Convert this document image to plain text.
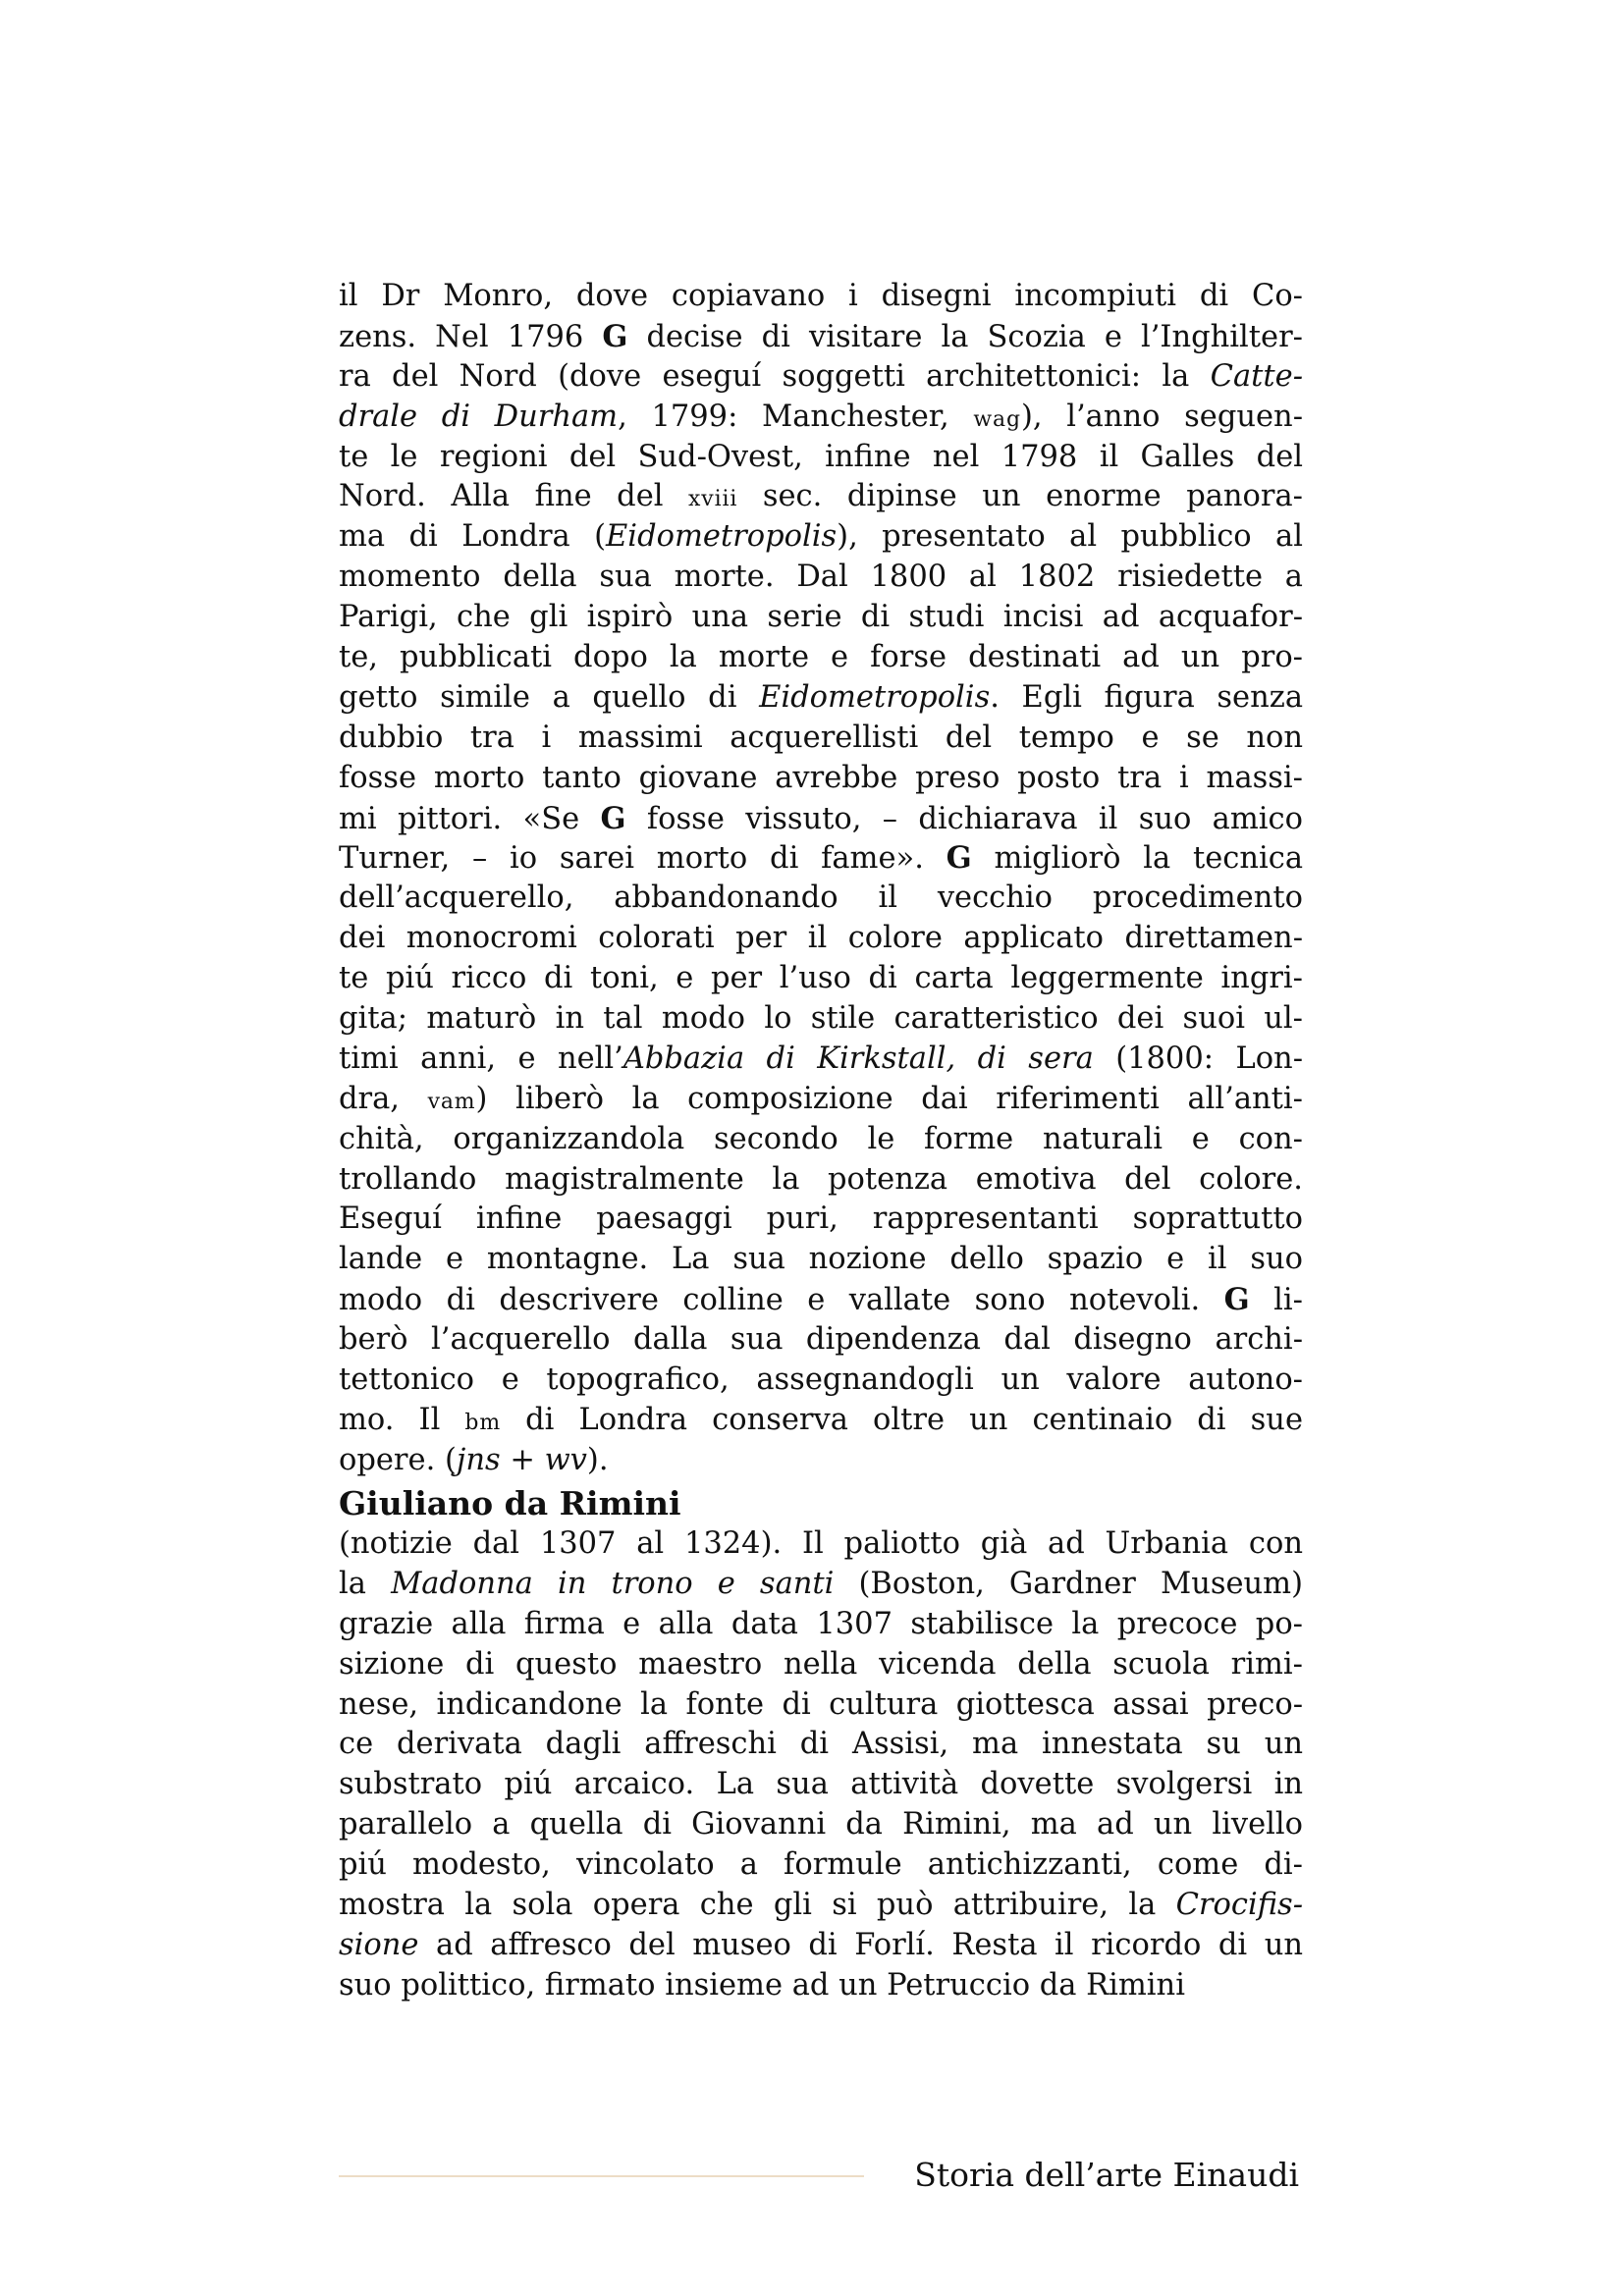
il Dr Monro, dove copiavano i disegni incompiuti di Co-
zens. Nel 1796 G decise di visitare la Scozia e l’Inghilter-
ra del Nord (dove eseguí soggetti architettonici: la Catte-
drale di Durham, 1799: Manchester, wag), l’anno seguen-
te le regioni del Sud-Ovest, infine nel 1798 il Galles del
Nord. Alla fine del xviii sec. dipinse un enorme panora-
ma di Londra (Eidometropolis), presentato al pubblico al
momento della sua morte. Dal 1800 al 1802 risiedette a
Parigi, che gli ispirò una serie di studi incisi ad acquafor-
te, pubblicati dopo la morte e forse destinati ad un pro-
getto simile a quello di Eidometropolis. Egli figura senza
dubbio tra i massimi acquerellisti del tempo e se non
fosse morto tanto giovane avrebbe preso posto tra i massi-
mi pittori. «Se G fosse vissuto, – dichiarava il suo amico
Turner, – io sarei morto di fame». G migliorò la tecnica
dell’acquerello, abbandonando il vecchio procedimento
dei monocromi colorati per il colore applicato direttamen-
te piú ricco di toni, e per l’uso di carta leggermente ingri-
gita; maturò in tal modo lo stile caratteristico dei suoi ul-
timi anni, e nell’Abbazia di Kirkstall, di sera (1800: Lon-
dra, vam) liberò la composizione dai riferimenti all’anti-
chità, organizzandola secondo le forme naturali e con-
trollando magistralmente la potenza emotiva del colore.
Eseguí infine paesaggi puri, rappresentanti soprattutto
lande e montagne. La sua nozione dello spazio e il suo
modo di descrivere colline e vallate sono notevoli. G li-
berò l’acquerello dalla sua dipendenza dal disegno archi-
tettonico e topografico, assegnandogli un valore autono-
mo. Il bm di Londra conserva oltre un centinaio di sue
opere. (jns + wv).
Giuliano da Rimini
(notizie dal 1307 al 1324). Il paliotto già ad Urbania con
la Madonna in trono e santi (Boston, Gardner Museum)
grazie alla firma e alla data 1307 stabilisce la precoce po-
sizione di questo maestro nella vicenda della scuola rimi-
nese, indicandone la fonte di cultura giottesca assai preco-
ce derivata dagli affreschi di Assisi, ma innestata su un
substrato piú arcaico. La sua attività dovette svolgersi in
parallelo a quella di Giovanni da Rimini, ma ad un livello
piú modesto, vincolato a formule antichizzanti, come di-
mostra la sola opera che gli si può attribuire, la Crocifis-
sione ad affresco del museo di Forlí. Resta il ricordo di un
suo polittico, firmato insieme ad un Petruccio da Rimini
Storia dell’arte Einaudi
